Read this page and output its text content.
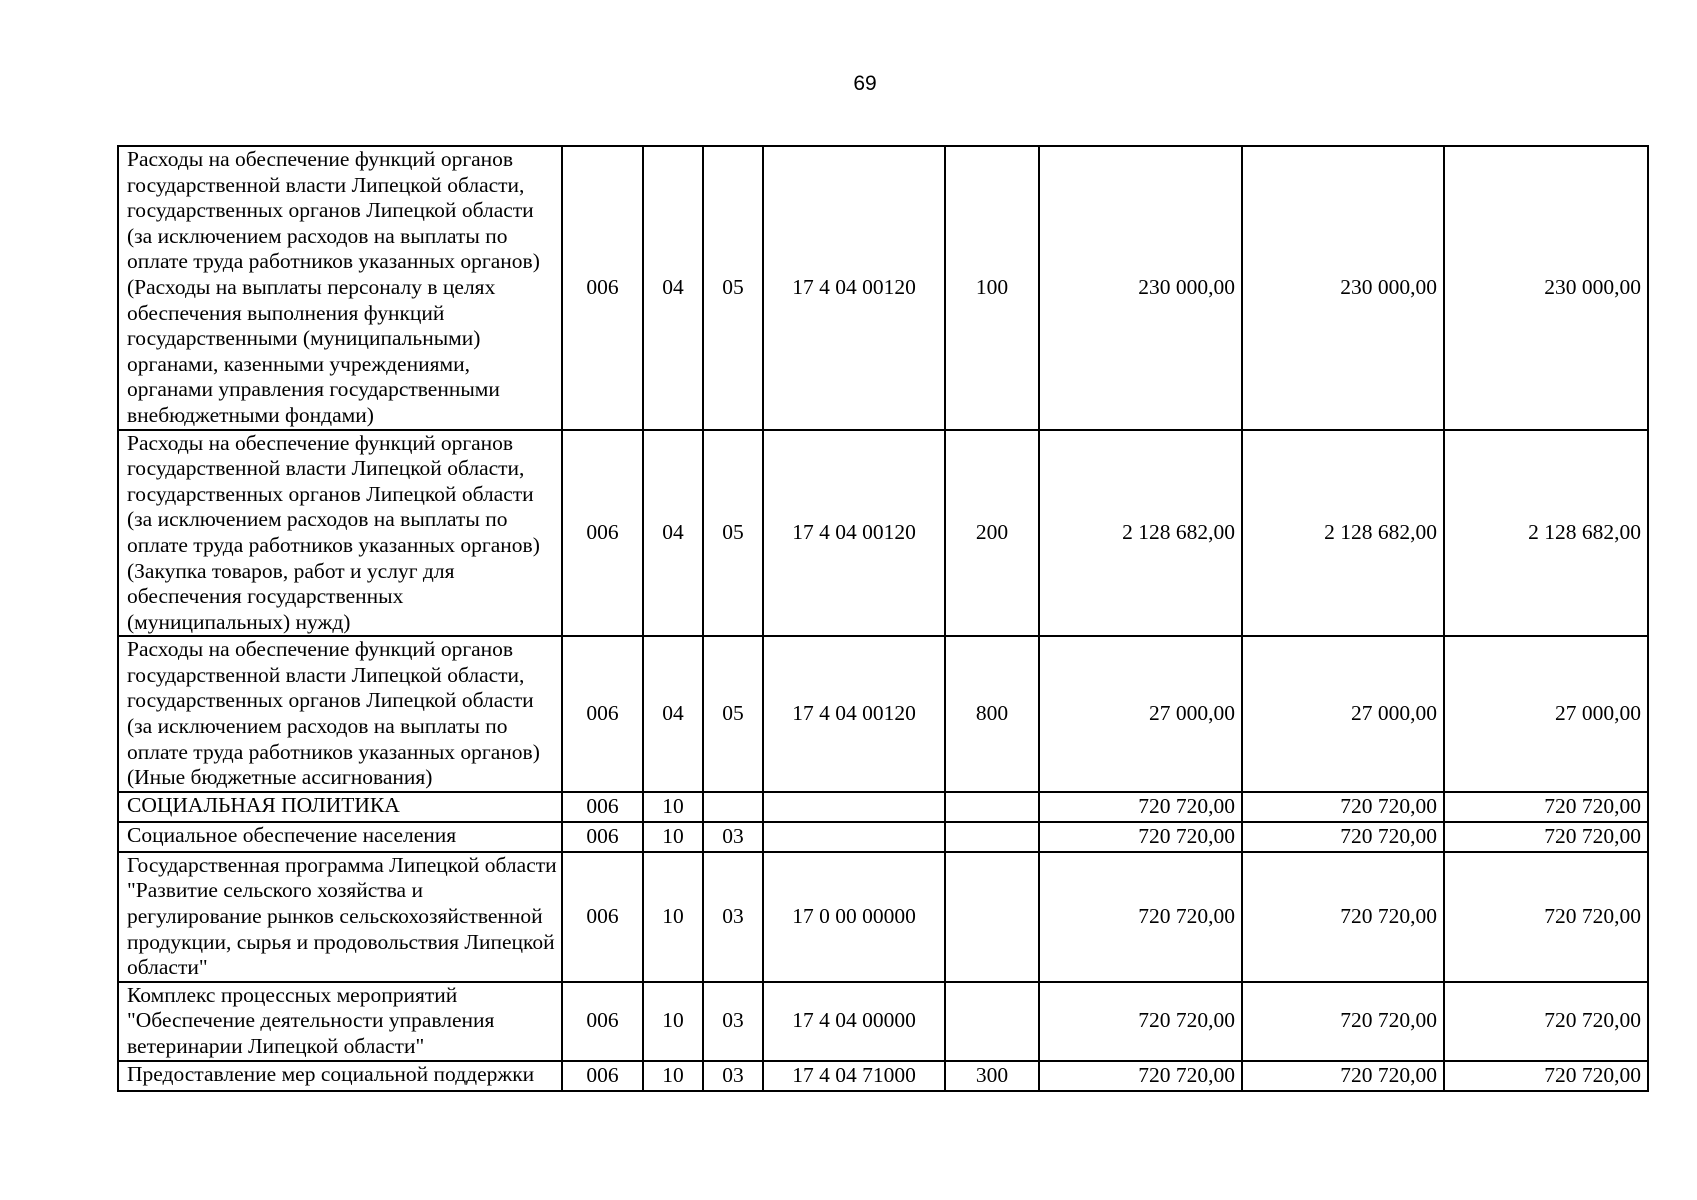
69
Расходы на обеспечение функций органов государственной власти Липецкой области, государственных органов Липецкой области (за исключением расходов на выплаты по оплате труда работников указанных органов) (Расходы на выплаты персоналу в целях обеспечения выполнения функций государственными (муниципальными) органами, казенными учреждениями, органами управления государственными внебюджетными фондами)	006	04	05	17 4 04 00120	100	230 000,00	230 000,00	230 000,00
Расходы на обеспечение функций органов государственной власти Липецкой области, государственных органов Липецкой области (за исключением расходов на выплаты по оплате труда работников указанных органов) (Закупка товаров, работ и услуг для обеспечения государственных (муниципальных) нужд)	006	04	05	17 4 04 00120	200	2 128 682,00	2 128 682,00	2 128 682,00
Расходы на обеспечение функций органов государственной власти Липецкой области, государственных органов Липецкой области (за исключением расходов на выплаты по оплате труда работников указанных органов) (Иные бюджетные ассигнования)	006	04	05	17 4 04 00120	800	27 000,00	27 000,00	27 000,00
СОЦИАЛЬНАЯ ПОЛИТИКА	006	10				720 720,00	720 720,00	720 720,00
Социальное обеспечение населения	006	10	03			720 720,00	720 720,00	720 720,00
Государственная программа Липецкой области "Развитие сельского хозяйства и регулирование рынков сельскохозяйственной продукции, сырья и продовольствия Липецкой области"	006	10	03	17 0 00 00000		720 720,00	720 720,00	720 720,00
Комплекс процессных мероприятий "Обеспечение деятельности управления ветеринарии Липецкой области"	006	10	03	17 4 04 00000		720 720,00	720 720,00	720 720,00
Предоставление мер социальной поддержки	006	10	03	17 4 04 71000	300	720 720,00	720 720,00	720 720,00
